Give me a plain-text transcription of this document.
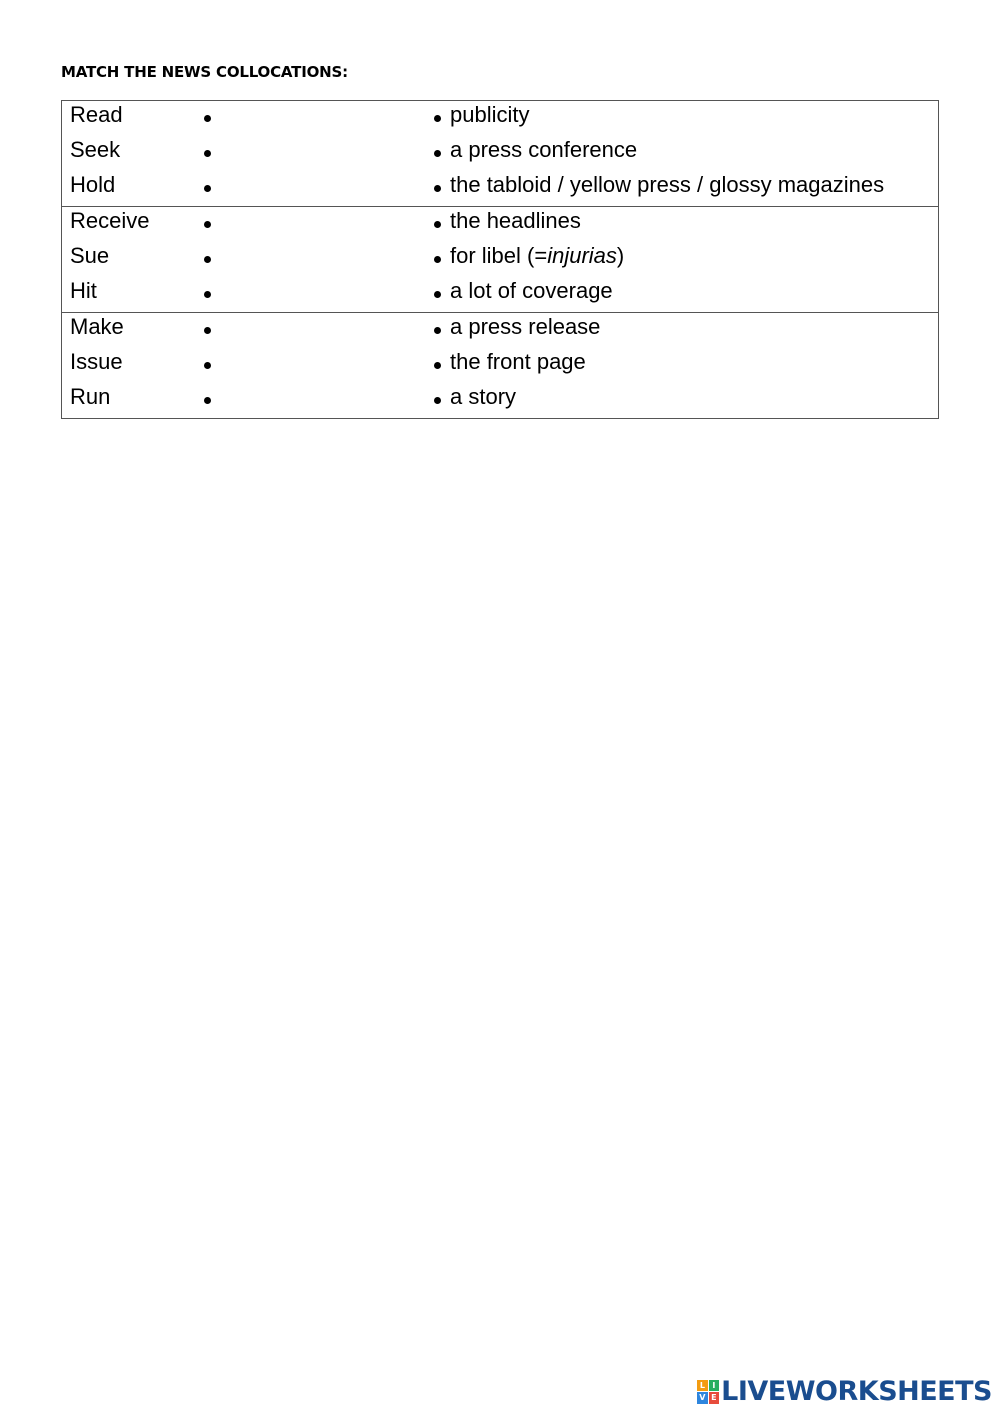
MATCH THE NEWS COLLOCATIONS:
Read	publicity
Seek	a press conference
Hold	the tabloid / yellow press / glossy magazines
Receive	the headlines
Sue	for libel (=injurias)
Hit	a lot of coverage
Make	a press release
Issue	the front page
Run	a story
L I
V E LIVEWORKSHEETS
